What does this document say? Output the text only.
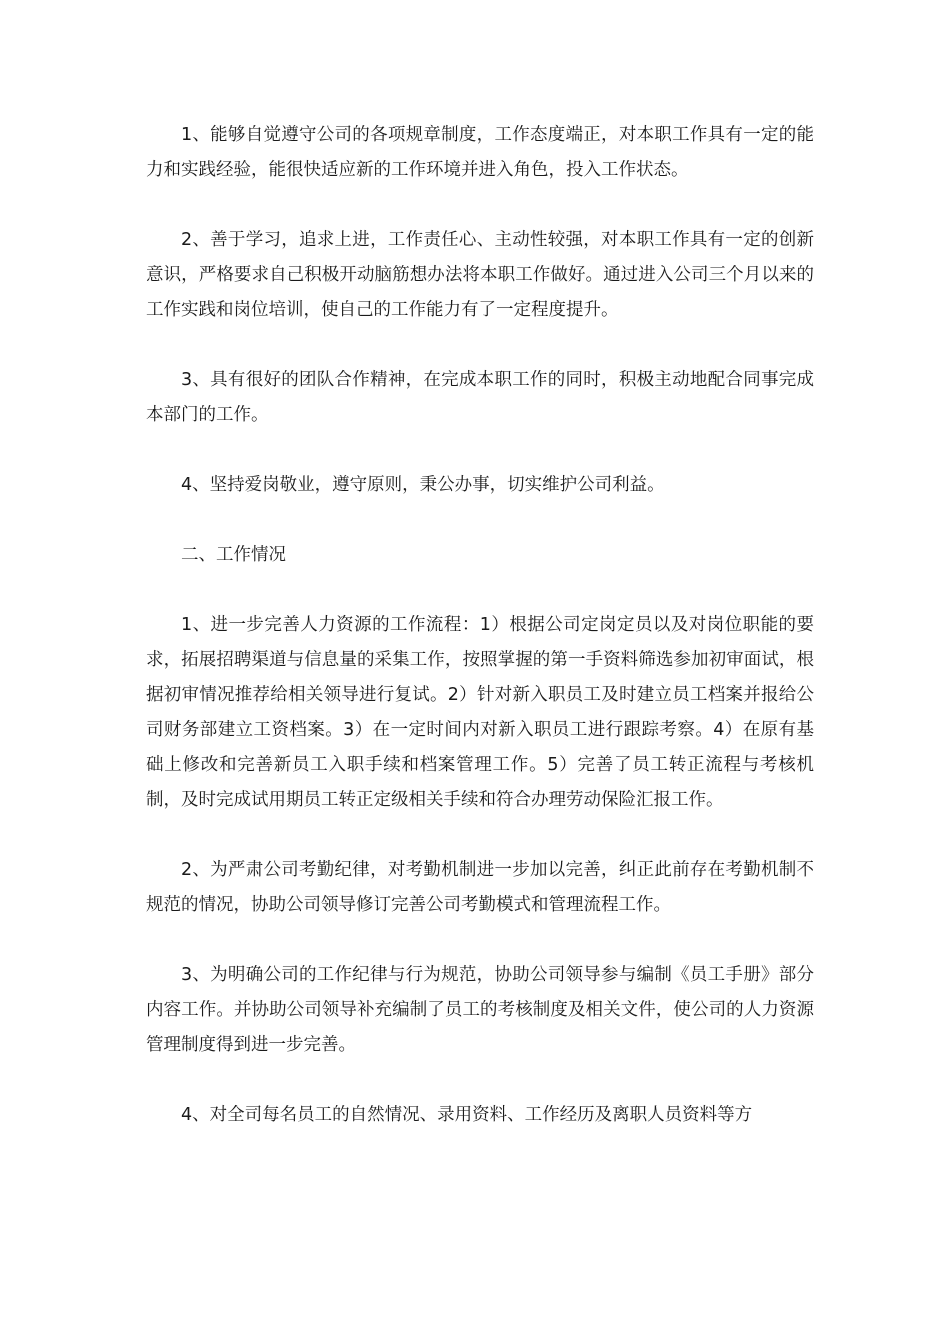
1、能够自觉遵守公司的各项规章制度，工作态度端正，对本职工作具有一定的能力和实践经验，能很快适应新的工作环境并进入角色，投入工作状态。

2、善于学习，追求上进，工作责任心、主动性较强，对本职工作具有一定的创新意识，严格要求自己积极开动脑筋想办法将本职工作做好。通过进入公司三个月以来的工作实践和岗位培训，使自己的工作能力有了一定程度提升。

3、具有很好的团队合作精神，在完成本职工作的同时，积极主动地配合同事完成本部门的工作。

4、坚持爱岗敬业，遵守原则，秉公办事，切实维护公司利益。

二、工作情况

1、进一步完善人力资源的工作流程：1）根据公司定岗定员以及对岗位职能的要求，拓展招聘渠道与信息量的采集工作，按照掌握的第一手资料筛选参加初审面试，根据初审情况推荐给相关领导进行复试。2）针对新入职员工及时建立员工档案并报给公司财务部建立工资档案。3）在一定时间内对新入职员工进行跟踪考察。4）在原有基础上修改和完善新员工入职手续和档案管理工作。5）完善了员工转正流程与考核机制，及时完成试用期员工转正定级相关手续和符合办理劳动保险汇报工作。

2、为严肃公司考勤纪律，对考勤机制进一步加以完善，纠正此前存在考勤机制不规范的情况，协助公司领导修订完善公司考勤模式和管理流程工作。

3、为明确公司的工作纪律与行为规范，协助公司领导参与编制《员工手册》部分内容工作。并协助公司领导补充编制了员工的考核制度及相关文件，使公司的人力资源管理制度得到进一步完善。

4、对全司每名员工的自然情况、录用资料、工作经历及离职人员资料等方
